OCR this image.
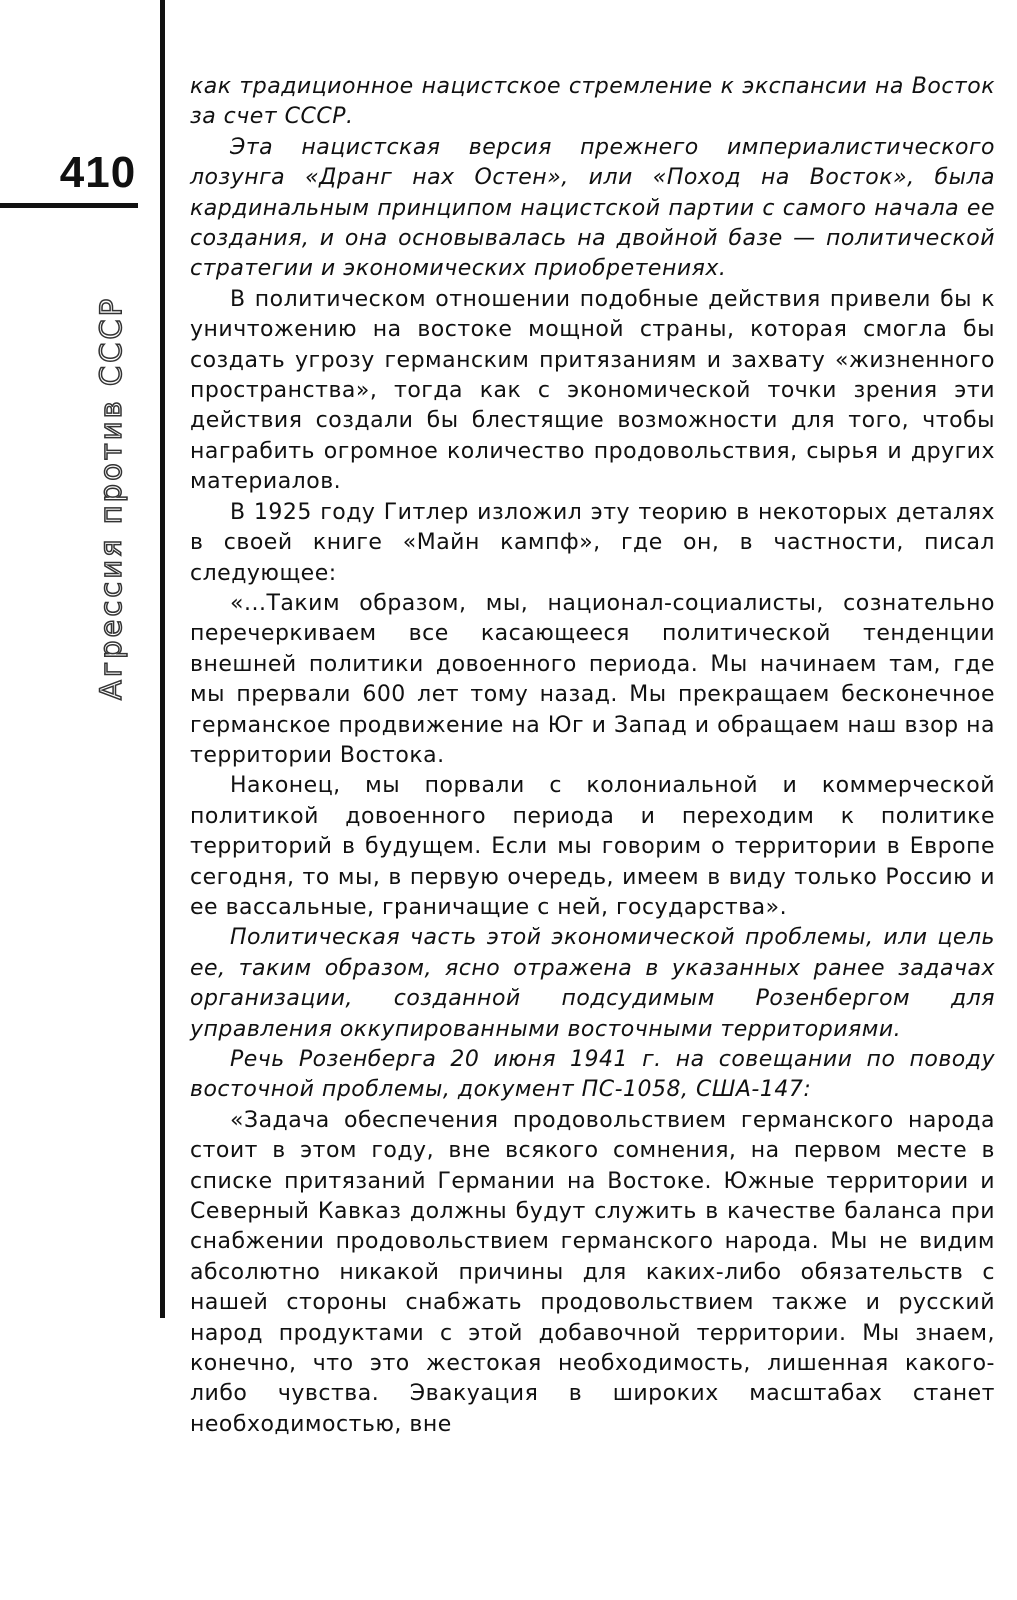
410
Агрессия против СССР

как традиционное нацистское стремление к экспансии на Восток за счет СССР.

Эта нацистская версия прежнего империалистического лозунга «Дранг нах Остен», или «Поход на Восток», была кардинальным принципом нацистской партии с самого начала ее создания, и она основывалась на двойной базе — политической стратегии и экономических приобретениях.

В политическом отношении подобные действия привели бы к уничтожению на востоке мощной страны, которая смогла бы создать угрозу германским притязаниям и захвату «жизненного пространства», тогда как с экономической точки зрения эти действия создали бы блестящие возможности для того, чтобы награбить огромное количество продовольствия, сырья и других материалов.

В 1925 году Гитлер изложил эту теорию в некоторых деталях в своей книге «Майн кампф», где он, в частности, писал следующее:

«...Таким образом, мы, национал-социалисты, сознательно перечеркиваем все касающееся политической тенденции внешней политики довоенного периода. Мы начинаем там, где мы прервали 600 лет тому назад. Мы прекращаем бесконечное германское продвижение на Юг и Запад и обращаем наш взор на территории Востока.

Наконец, мы порвали с колониальной и коммерческой политикой довоенного периода и переходим к политике территорий в будущем. Если мы говорим о территории в Европе сегодня, то мы, в первую очередь, имеем в виду только Россию и ее вассальные, граничащие с ней, государства».

Политическая часть этой экономической проблемы, или цель ее, таким образом, ясно отражена в указанных ранее задачах организации, созданной подсудимым Розенбергом для управления оккупированными восточными территориями.

Речь Розенберга 20 июня 1941 г. на совещании по поводу восточной проблемы, документ ПС-1058, США-147:

«Задача обеспечения продовольствием германского народа стоит в этом году, вне всякого сомнения, на первом месте в списке притязаний Германии на Востоке. Южные территории и Северный Кавказ должны будут служить в качестве баланса при снабжении продовольствием германского народа. Мы не видим абсолютно никакой причины для каких-либо обязательств с нашей стороны снабжать продовольствием также и русский народ продуктами с этой добавочной территории. Мы знаем, конечно, что это жестокая необходимость, лишенная какого-либо чувства. Эвакуация в широких масштабах станет необходимостью, вне
